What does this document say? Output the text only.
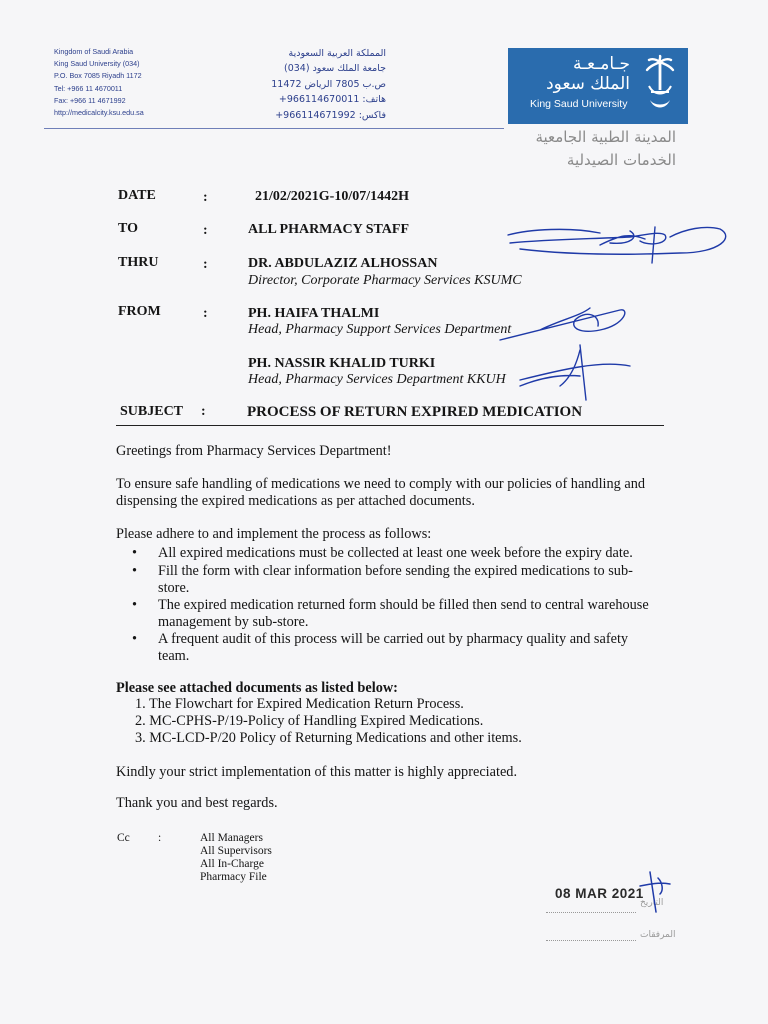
Kingdom of Saudi Arabia
King Saud University (034)
P.O. Box 7085 Riyadh 1172
Tel: +966 11 4670011
Fax: +966 11 4671992
http://medicalcity.ksu.edu.sa
المملكة العربية السعودية
جامعة الملك سعود (034)
ص.ب 7805 الرياض 11472
هاتف: 966114670011+
فاكس: 966114671992+
جـامـعـة
الملك سعود
King Saud University
المدينة الطبية الجامعية
الخدمات الصيدلية
DATE	:	21/02/2021G-10/07/1442H
TO	:	ALL PHARMACY STAFF
THRU	:	DR. ABDULAZIZ ALHOSSAN
Director, Corporate Pharmacy Services KSUMC
FROM	:	PH. HAIFA THALMI
Head, Pharmacy Support Services Department
PH. NASSIR KHALID TURKI
Head, Pharmacy Services Department KKUH
SUBJECT :	PROCESS OF RETURN EXPIRED MEDICATION
Greetings from Pharmacy Services Department!
To ensure safe handling of medications we need to comply with our policies of handling and dispensing the expired medications as per attached documents.
Please adhere to and implement the process as follows:
• All expired medications must be collected at least one week before the expiry date.
• Fill the form with clear information before sending the expired medications to sub-store.
• The expired medication returned form should be filled then send to central warehouse management by sub-store.
• A frequent audit of this process will be carried out by pharmacy quality and safety team.
Please see attached documents as listed below:
1. The Flowchart for Expired Medication Return Process.
2. MC-CPHS-P/19-Policy of Handling Expired Medications.
3. MC-LCD-P/20 Policy of Returning Medications and other items.
Kindly your strict implementation of this matter is highly appreciated.
Thank you and best regards.
Cc :	All Managers
All Supervisors
All In-Charge
Pharmacy File
08 MAR 2021
التاريخ
المرفقات
